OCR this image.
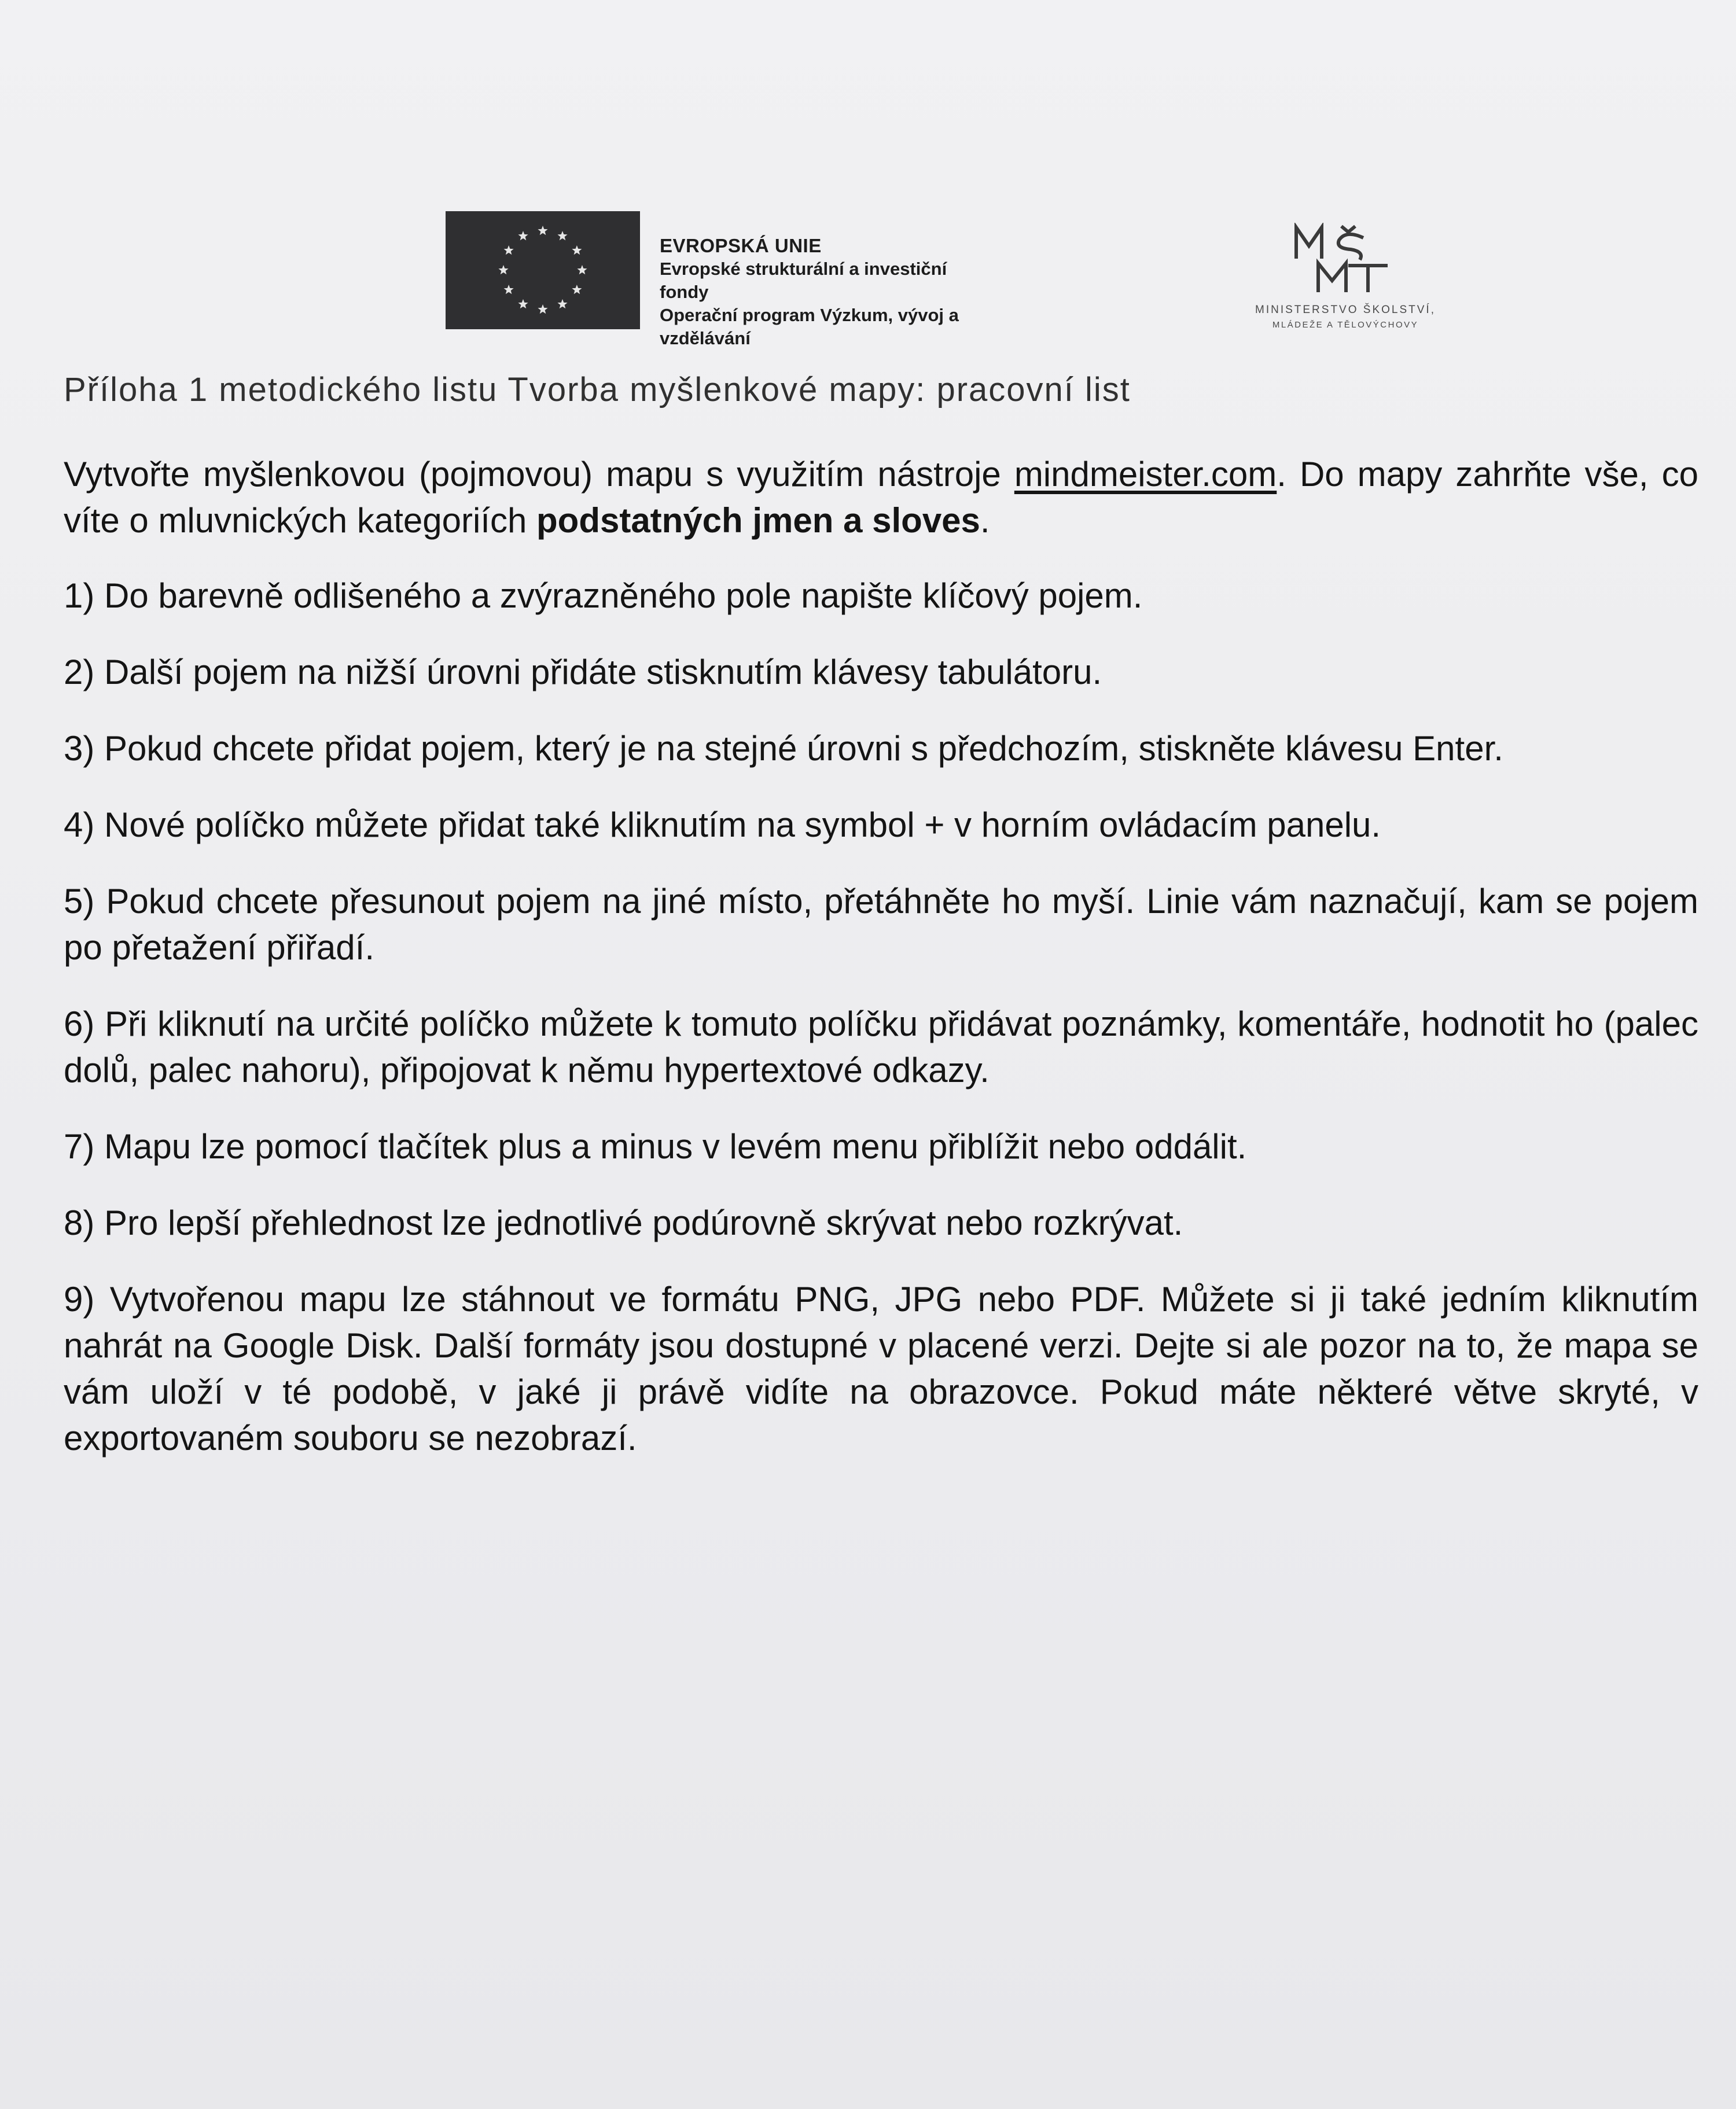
EVROPSKÁ UNIE
Evropské strukturální a investiční fondy
Operační program Výzkum, vývoj a vzdělávání
MINISTERSTVO ŠKOLSTVÍ,
MLÁDEŽE A TĚLOVÝCHOVY
Příloha 1 metodického listu Tvorba myšlenkové mapy: pracovní list

Vytvořte myšlenkovou (pojmovou) mapu s využitím nástroje mindmeister.com. Do mapy zahrňte vše, co víte o mluvnických kategoriích podstatných jmen a sloves.

1) Do barevně odlišeného a zvýrazněného pole napište klíčový pojem.

2) Další pojem na nižší úrovni přidáte stisknutím klávesy tabulátoru.

3) Pokud chcete přidat pojem, který je na stejné úrovni s předchozím, stiskněte klávesu Enter.

4) Nové políčko můžete přidat také kliknutím na symbol + v horním ovládacím panelu.

5) Pokud chcete přesunout pojem na jiné místo, přetáhněte ho myší. Linie vám naznačují, kam se pojem po přetažení přiřadí.

6) Při kliknutí na určité políčko můžete k tomuto políčku přidávat poznámky, komentáře, hodnotit ho (palec dolů, palec nahoru), připojovat k němu hypertextové odkazy.

7) Mapu lze pomocí tlačítek plus a minus v levém menu přiblížit nebo oddálit.

8) Pro lepší přehlednost lze jednotlivé podúrovně skrývat nebo rozkrývat.

9) Vytvořenou mapu lze stáhnout ve formátu PNG, JPG nebo PDF. Můžete si ji také jedním kliknutím nahrát na Google Disk. Další formáty jsou dostupné v placené verzi. Dejte si ale pozor na to, že mapa se vám uloží v té podobě, v jaké ji právě vidíte na obrazovce. Pokud máte některé větve skryté, v exportovaném souboru se nezobrazí.
